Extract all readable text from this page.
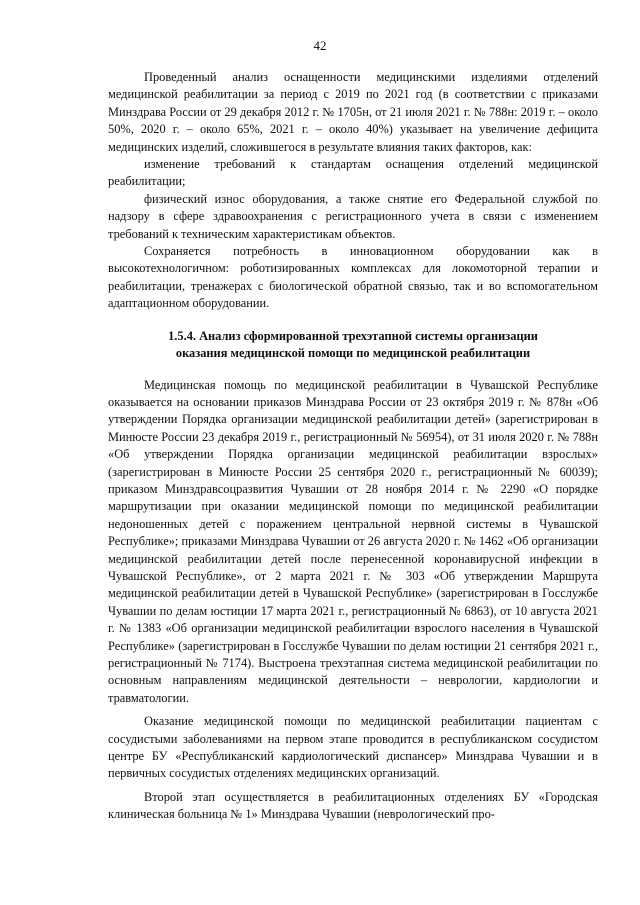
42

Проведенный анализ оснащенности медицинскими изделиями отделений медицинской реабилитации за период с 2019 по 2021 год (в соответствии с приказами Минздрава России от 29 декабря 2012 г. № 1705н, от 21 июля 2021 г. № 788н: 2019 г. – около 50%, 2020 г. – около 65%, 2021 г. – около 40%) указывает на увеличение дефицита медицинских изделий, сложившегося в результате влияния таких факторов, как:

изменение требований к стандартам оснащения отделений медицинской реабилитации;

физический износ оборудования, а также снятие его Федеральной службой по надзору в сфере здравоохранения с регистрационного учета в связи с изменением требований к техническим характеристикам объектов.

Сохраняется потребность в инновационном оборудовании как в высокотехнологичном: роботизированных комплексах для локомоторной терапии и реабилитации, тренажерах с биологической обратной связью, так и во вспомогательном адаптационном оборудовании.

1.5.4. Анализ сформированной трехэтапной системы организации
оказания медицинской помощи по медицинской реабилитации

Медицинская помощь по медицинской реабилитации в Чувашской Республике оказывается на основании приказов Минздрава России от 23 октября 2019 г. № 878н «Об утверждении Порядка организации медицинской реабилитации детей» (зарегистрирован в Минюсте России 23 декабря 2019 г., регистрационный № 56954), от 31 июля 2020 г. № 788н «Об утверждении Порядка организации медицинской реабилитации взрослых» (зарегистрирован в Минюсте России 25 сентября 2020 г., регистрационный № 60039); приказом Минздравсоцразвития Чувашии от 28 ноября 2014 г. № 2290 «О порядке маршрутизации при оказании медицинской помощи по медицинской реабилитации недоношенных детей с поражением центральной нервной системы в Чувашской Республике»; приказами Минздрава Чувашии от 26 августа 2020 г. № 1462 «Об организации медицинской реабилитации детей после перенесенной коронавирусной инфекции в Чувашской Республике», от 2 марта 2021 г. № 303 «Об утверждении Маршрута медицинской реабилитации детей в Чувашской Республике» (зарегистрирован в Госслужбе Чувашии по делам юстиции 17 марта 2021 г., регистрационный № 6863), от 10 августа 2021 г. № 1383 «Об организации медицинской реабилитации взрослого населения в Чувашской Республике» (зарегистрирован в Госслужбе Чувашии по делам юстиции 21 сентября 2021 г., регистрационный № 7174). Выстроена трехэтапная система медицинской реабилитации по основным направлениям медицинской деятельности – неврологии, кардиологии и травматологии.

Оказание медицинской помощи по медицинской реабилитации пациентам с сосудистыми заболеваниями на первом этапе проводится в республиканском сосудистом центре БУ «Республиканский кардиологический диспансер» Минздрава Чувашии и в первичных сосудистых отделениях медицинских организаций.

Второй этап осуществляется в реабилитационных отделениях БУ «Городская клиническая больница № 1» Минздрава Чувашии (неврологический про-
